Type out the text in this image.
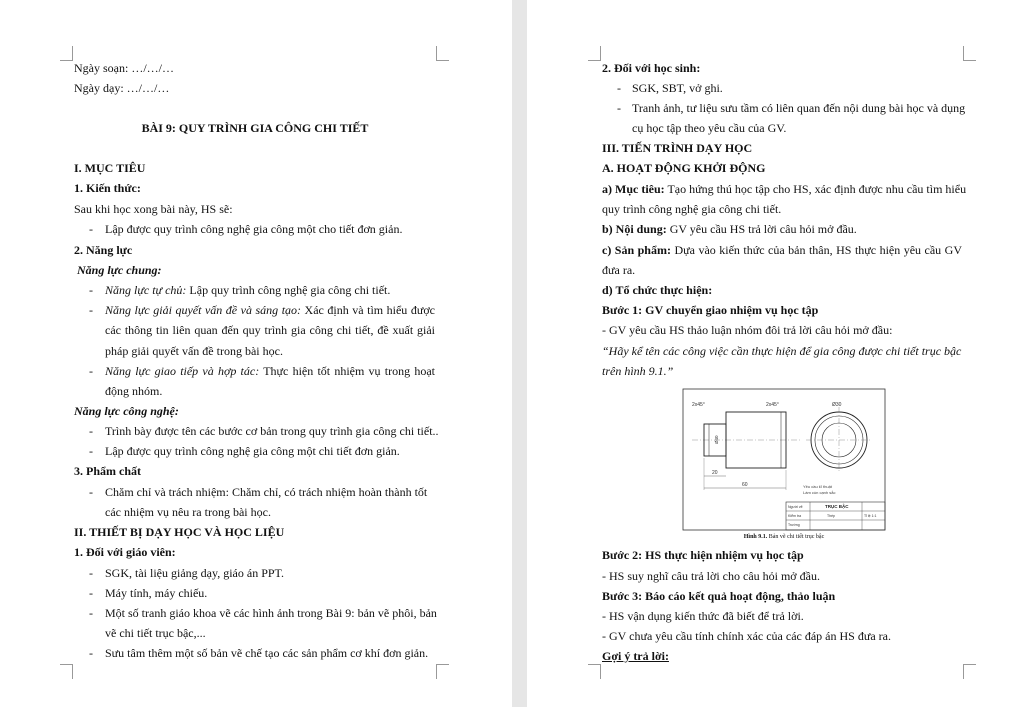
Ngày soạn: …/…/…
Ngày dạy: …/…/…
BÀI 9: QUY TRÌNH GIA CÔNG CHI TIẾT
I. MỤC TIÊU
1. Kiến thức:
Sau khi học xong bài này, HS sẽ:
- Lập được quy trình công nghệ gia công một cho tiết đơn giản.
2. Năng lực
Năng lực chung:
- Năng lực tự chủ: Lập quy trình công nghệ gia công chi tiết.
- Năng lực giải quyết vấn đề và sáng tạo: Xác định và tìm hiểu được
các thông tin liên quan đến quy trình gia công chi tiết, đề xuất giải
pháp giải quyết vấn đề trong bài học.
- Năng lực giao tiếp và hợp tác: Thực hiện tốt nhiệm vụ trong hoạt
động nhóm.
Năng lực công nghệ:
- Trình bày được tên các bước cơ bản trong quy trình gia công chi tiết..
- Lập được quy trình công nghệ gia công một chi tiết đơn giản.
3. Phẩm chất
- Chăm chỉ và trách nhiệm: Chăm chỉ, có trách nhiệm hoàn thành tốt
các nhiệm vụ nêu ra trong bài học.
II. THIẾT BỊ DẠY HỌC VÀ HỌC LIỆU
1. Đối với giáo viên:
- SGK, tài liệu giảng dạy, giáo án PPT.
- Máy tính, máy chiếu.
- Một số tranh giáo khoa vẽ các hình ảnh trong Bài 9: bản vẽ phôi, bản
vẽ chi tiết trục bậc,...
- Sưu tâm thêm một số bản vẽ chế tạo các sản phẩm cơ khí đơn giản.
2. Đối với học sinh:
- SGK, SBT, vở ghi.
- Tranh ảnh, tư liệu sưu tầm có liên quan đến nội dung bài học và dụng
cụ học tập theo yêu cầu của GV.
III. TIẾN TRÌNH DẠY HỌC
A. HOẠT ĐỘNG KHỞI ĐỘNG
a) Mục tiêu: Tạo hứng thú học tập cho HS, xác định được nhu cầu tìm hiểu
quy trình công nghệ gia công chi tiết.
b) Nội dung: GV yêu cầu HS trả lời câu hỏi mở đầu.
c) Sản phẩm: Dựa vào kiến thức của bản thân, HS thực hiện yêu cầu GV
đưa ra.
d) Tổ chức thực hiện:
Bước 1: GV chuyển giao nhiệm vụ học tập
- GV yêu cầu HS thảo luận nhóm đôi trả lời câu hỏi mở đầu:
“Hãy kể tên các công việc cần thực hiện để gia công được chi tiết trục bậc
trên hình 9.1.”
20
60
2x45°	2x45°
Ø40
Ø30
Yêu cầu kĩ thuật
Làm cùn cạnh sắc
Người vẽ
Kiểm tra
Trường
TRỤC BẬC
Thép	Tỉ lệ 1:1
Hình 9.1. Bản vẽ chi tiết trục bậc
Bước 2: HS thực hiện nhiệm vụ học tập
- HS suy nghĩ câu trả lời cho câu hỏi mở đầu.
Bước 3: Báo cáo kết quả hoạt động, thảo luận
- HS vận dụng kiến thức đã biết để trả lời.
- GV chưa yêu cầu tính chính xác của các đáp án HS đưa ra.
Gợi ý trả lời:
